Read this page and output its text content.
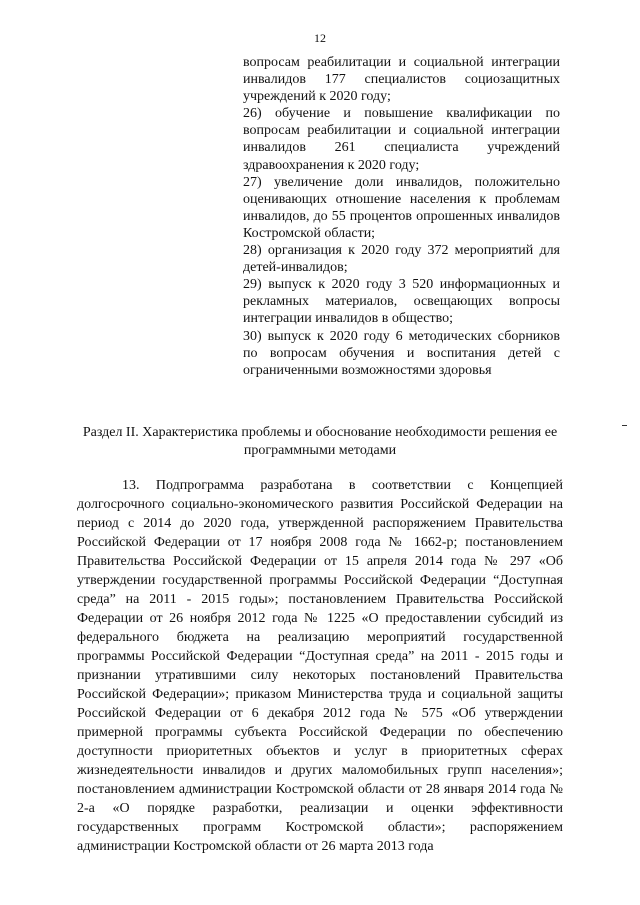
12

вопросам реабилитации и социальной интеграции инвалидов 177 специалистов социозащитных учреждений к 2020 году;

26) обучение и повышение квалификации по вопросам реабилитации и социальной интеграции инвалидов 261 специалиста учреждений здравоохранения к 2020 году;

27) увеличение доли инвалидов, положительно оценивающих отношение населения к проблемам инвалидов, до 55 процентов опрошенных инвалидов Костромской области;

28) организация к 2020 году 372 мероприятий для детей-инвалидов;

29) выпуск к 2020 году 3 520 информационных и рекламных материалов, освещающих вопросы интеграции инвалидов в общество;

30) выпуск к 2020 году 6 методических сборников по вопросам обучения и воспитания детей с ограниченными возможностями здоровья

Раздел II. Характеристика проблемы и обоснование необходимости решения ее программными методами

13. Подпрограмма разработана в соответствии с Концепцией долгосрочного социально-экономического развития Российской Федерации на период с 2014 до 2020 года, утвержденной распоряжением Правительства Российской Федерации от 17 ноября 2008 года № 1662-р; постановлением Правительства Российской Федерации от 15 апреля 2014 года № 297 «Об утверждении государственной программы Российской Федерации “Доступная среда” на 2011 - 2015 годы»; постановлением Правительства Российской Федерации от 26 ноября 2012 года № 1225 «О предоставлении субсидий из федерального бюджета на реализацию мероприятий государственной программы Российской Федерации “Доступная среда” на 2011 - 2015 годы и признании утратившими силу некоторых постановлений Правительства Российской Федерации»; приказом Министерства труда и социальной защиты Российской Федерации от 6 декабря 2012 года № 575 «Об утверждении примерной программы субъекта Российской Федерации по обеспечению доступности приоритетных объектов и услуг в приоритетных сферах жизнедеятельности инвалидов и других маломобильных групп населения»; постановлением администрации Костромской области от 28 января 2014 года № 2-а «О порядке разработки, реализации и оценки эффективности государственных программ Костромской области»; распоряжением администрации Костромской области от 26 марта 2013 года
